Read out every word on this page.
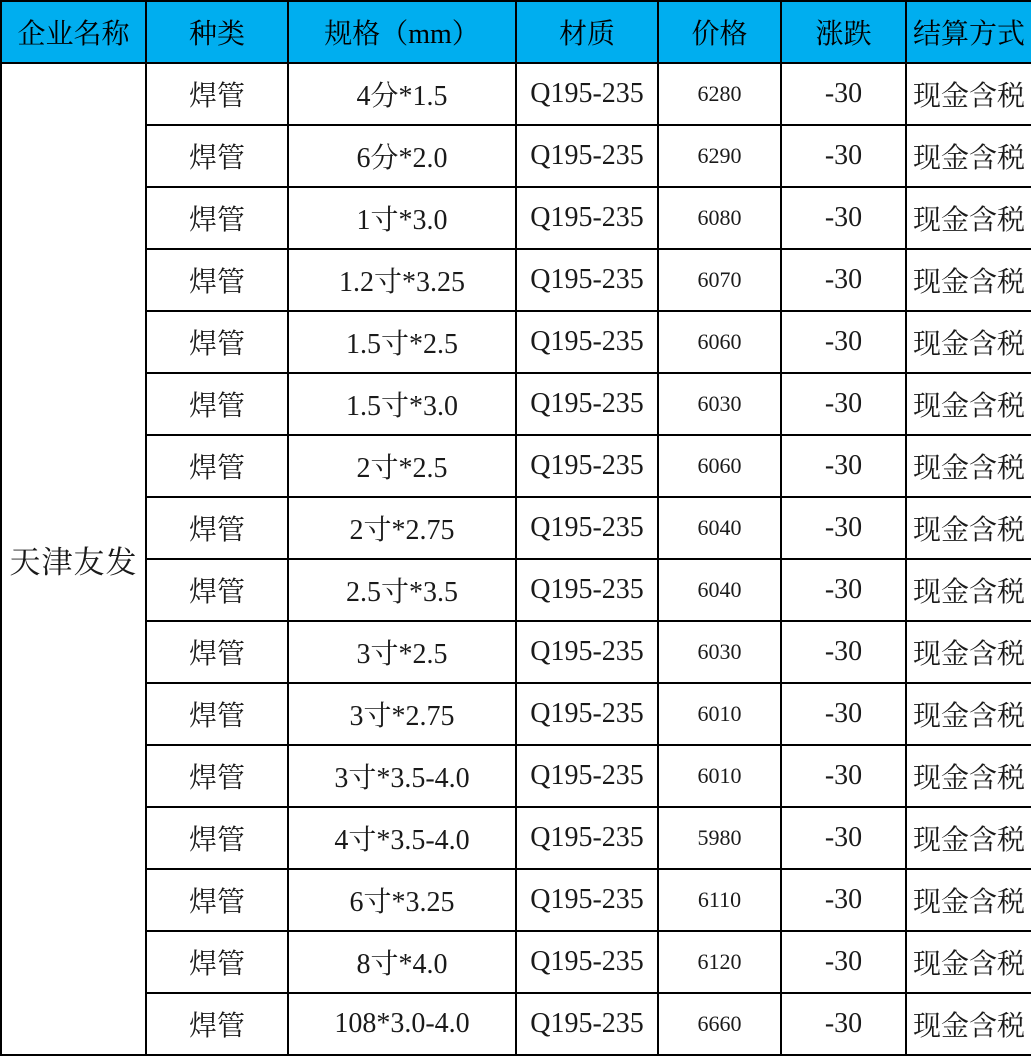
企业名称	种类	规格（mm）	材质	价格	涨跌	结算方式
天津友发	焊管	4分*1.5	Q195-235	6280	-30	现金含税
	焊管	6分*2.0	Q195-235	6290	-30	现金含税
	焊管	1寸*3.0	Q195-235	6080	-30	现金含税
	焊管	1.2寸*3.25	Q195-235	6070	-30	现金含税
	焊管	1.5寸*2.5	Q195-235	6060	-30	现金含税
	焊管	1.5寸*3.0	Q195-235	6030	-30	现金含税
	焊管	2寸*2.5	Q195-235	6060	-30	现金含税
	焊管	2寸*2.75	Q195-235	6040	-30	现金含税
	焊管	2.5寸*3.5	Q195-235	6040	-30	现金含税
	焊管	3寸*2.5	Q195-235	6030	-30	现金含税
	焊管	3寸*2.75	Q195-235	6010	-30	现金含税
	焊管	3寸*3.5-4.0	Q195-235	6010	-30	现金含税
	焊管	4寸*3.5-4.0	Q195-235	5980	-30	现金含税
	焊管	6寸*3.25	Q195-235	6110	-30	现金含税
	焊管	8寸*4.0	Q195-235	6120	-30	现金含税
	焊管	108*3.0-4.0	Q195-235	6660	-30	现金含税
